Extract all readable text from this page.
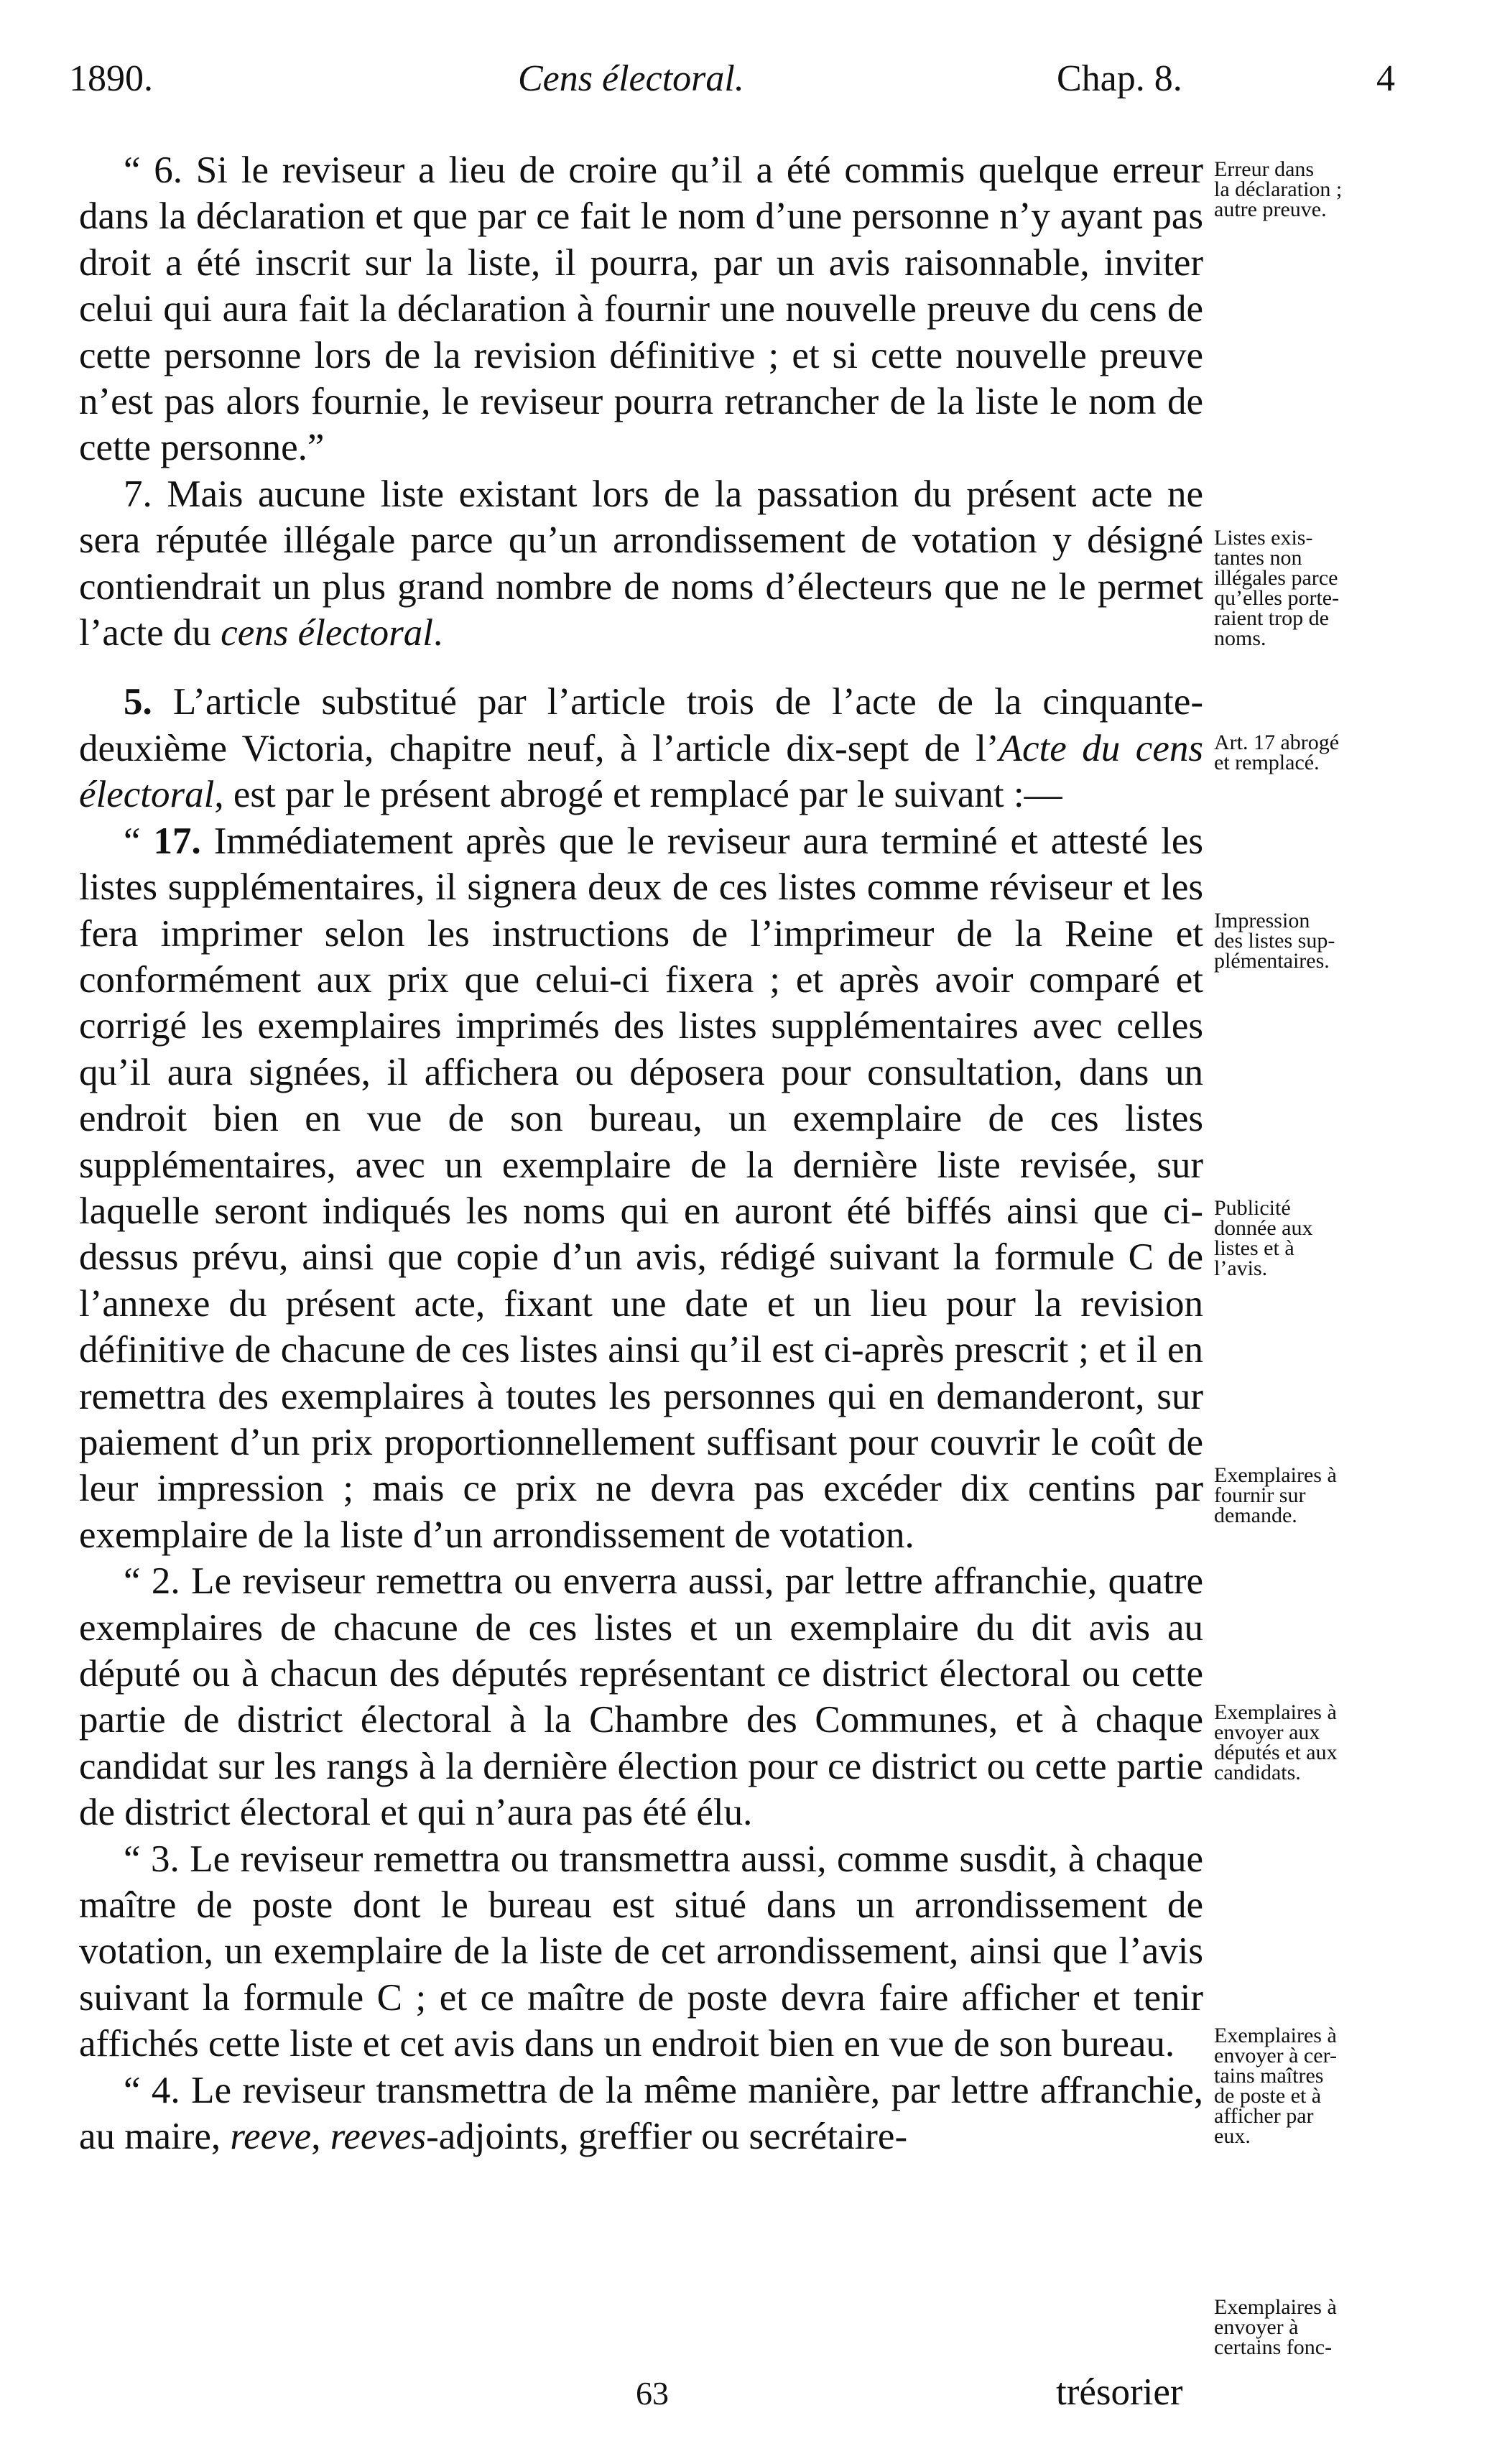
1890.	Cens électoral.	Chap. 8.	4

“ 6. Si le reviseur a lieu de croire qu’il a été commis quelque erreur dans la déclaration et que par ce fait le nom d’une personne n’y ayant pas droit a été inscrit sur la liste, il pourra, par un avis raisonnable, inviter celui qui aura fait la déclaration à fournir une nouvelle preuve du cens de cette personne lors de la revision définitive ; et si cette nouvelle preuve n’est pas alors fournie, le reviseur pourra retrancher de la liste le nom de cette personne.”

7. Mais aucune liste existant lors de la passation du présent acte ne sera réputée illégale parce qu’un arrondissement de votation y désigné contiendrait un plus grand nombre de noms d’électeurs que ne le permet l’acte du cens électoral.

5. L’article substitué par l’article trois de l’acte de la cinquante-deuxième Victoria, chapitre neuf, à l’article dix-sept de l’Acte du cens électoral, est par le présent abrogé et remplacé par le suivant :—

“ 17. Immédiatement après que le reviseur aura terminé et attesté les listes supplémentaires, il signera deux de ces listes comme réviseur et les fera imprimer selon les instructions de l’imprimeur de la Reine et conformément aux prix que celui-ci fixera ; et après avoir comparé et corrigé les exemplaires imprimés des listes supplémentaires avec celles qu’il aura signées, il affichera ou déposera pour consultation, dans un endroit bien en vue de son bureau, un exemplaire de ces listes supplémentaires, avec un exemplaire de la dernière liste revisée, sur laquelle seront indiqués les noms qui en auront été biffés ainsi que ci-dessus prévu, ainsi que copie d’un avis, rédigé suivant la formule C de l’annexe du présent acte, fixant une date et un lieu pour la revision définitive de chacune de ces listes ainsi qu’il est ci-après prescrit ; et il en remettra des exemplaires à toutes les personnes qui en demanderont, sur paiement d’un prix proportionnellement suffisant pour couvrir le coût de leur impression ; mais ce prix ne devra pas excéder dix centins par exemplaire de la liste d’un arrondissement de votation.

“ 2. Le reviseur remettra ou enverra aussi, par lettre affranchie, quatre exemplaires de chacune de ces listes et un exemplaire du dit avis au député ou à chacun des députés représentant ce district électoral ou cette partie de district électoral à la Chambre des Communes, et à chaque candidat sur les rangs à la dernière élection pour ce district ou cette partie de district électoral et qui n’aura pas été élu.

“ 3. Le reviseur remettra ou transmettra aussi, comme susdit, à chaque maître de poste dont le bureau est situé dans un arrondissement de votation, un exemplaire de la liste de cet arrondissement, ainsi que l’avis suivant la formule C ; et ce maître de poste devra faire afficher et tenir affichés cette liste et cet avis dans un endroit bien en vue de son bureau.

“ 4. Le reviseur transmettra de la même manière, par lettre affranchie, au maire, reeve, reeves-adjoints, greffier ou secrétaire-

Erreur dans
la déclaration ;
autre preuve.
Listes exis-
tantes non
illégales parce
qu’elles porte-
raient trop de
noms.
Art. 17 abrogé
et remplacé.
Impression
des listes sup-
plémentaires.
Publicité
donnée aux
listes et à
l’avis.
Exemplaires à
fournir sur
demande.
Exemplaires à
envoyer aux
députés et aux
candidats.
Exemplaires à
envoyer à cer-
tains maîtres
de poste et à
afficher par
eux.
Exemplaires à
envoyer à
certains fonc-
63	trésorier
